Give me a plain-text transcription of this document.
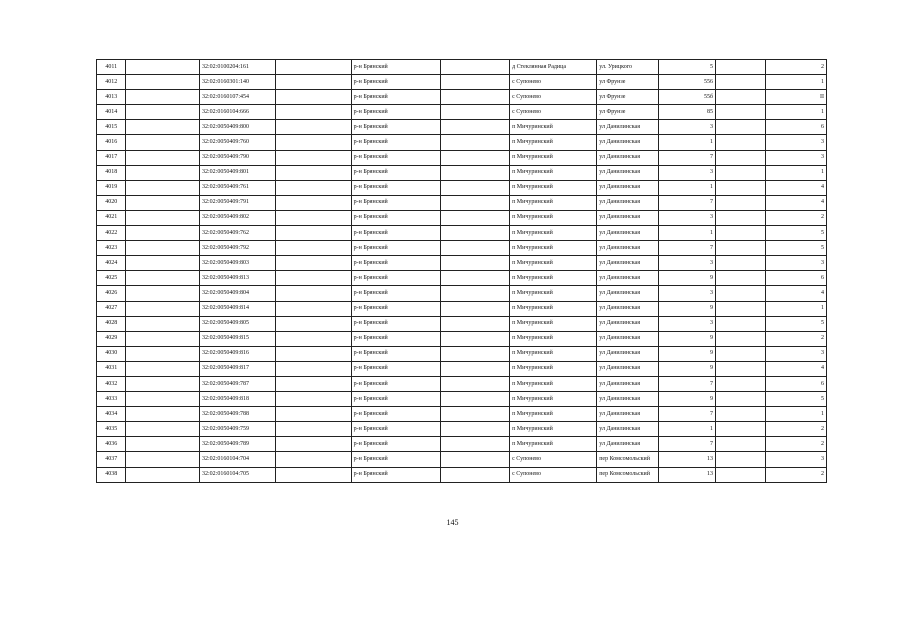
4011		32:02:0100204:161		р-н Брянский		д Стеклянная Радица	ул. Урицкого	5		2
4012		32:02:0160301:140		р-н Брянский		с Супонево	ул Фрунзе	556		1
4013		32:02:0160107:454		р-н Брянский		с Супонево	ул Фрунзе	55б		II
4014		32:02:0160104:666		р-н Брянский		с Супонево	ул Фрунзе	85		1
4015		32:02:0050409:800		р-н Брянский		п Мичуринский	ул Данилинская	3		6
4016		32:02:0050409:760		р-н Брянский		п Мичуринский	ул Данилинская	1		3
4017		32:02:0050409:790		р-н Брянский		п Мичуринский	ул Данилинская	7		3
4018		32:02:0050409:801		р-н Брянский		п Мичуринский	ул Данилинская	3		1
4019		32:02:0050409:761		р-н Брянский		п Мичуринский	ул Данилинская	1		4
4020		32:02:0050409:791		р-н Брянский		п Мичуринский	ул Данилинская	7		4
4021		32:02:0050409:802		р-н Брянский		п Мичуринский	ул Данилинская	3		2
4022		32:02:0050409:762		р-н Брянский		п Мичуринский	ул Данилинская	1		5
4023		32:02:0050409:792		р-н Брянский		п Мичуринский	ул Данилинская	7		5
4024		32:02:0050409:803		р-н Брянский		п Мичуринский	ул Данилинская	3		3
4025		32:02:0050409:813		р-н Брянский		п Мичуринский	ул Данилинская	9		6
4026		32:02:0050409:804		р-н Брянский		п Мичуринский	ул Данилинская	3		4
4027		32:02:0050409:814		р-н Брянский		п Мичуринский	ул Данилинская	9		1
4028		32:02:0050409:805		р-н Брянский		п Мичуринский	ул Данилинская	3		5
4029		32:02:0050409:815		р-н Брянский		п Мичуринский	ул Данилинская	9		2
4030		32:02:0050409:816		р-н Брянский		п Мичуринский	ул Данилинская	9		3
4031		32:02:0050409:817		р-н Брянский		п Мичуринский	ул Данилинская	9		4
4032		32:02:0050409:787		р-н Брянский		п Мичуринский	ул Данилинская	7		6
4033		32:02:0050409:818		р-н Брянский		п Мичуринский	ул Данилинская	9		5
4034		32:02:0050409:788		р-н Брянский		п Мичуринский	ул Данилинская	7		1
4035		32:02:0050409:759		р-н Брянский		п Мичуринский	ул Данилинская	1		2
4036		32:02:0050409:789		р-н Брянский		п Мичуринский	ул Данилинская	7		2
4037		32:02:0160104:704		р-н Брянский		с Супонево	пер Комсомольский	13		3
4038		32:02:0160104:705		р-н Брянский		с Супонево	пер Комсомольский	13		2
145
